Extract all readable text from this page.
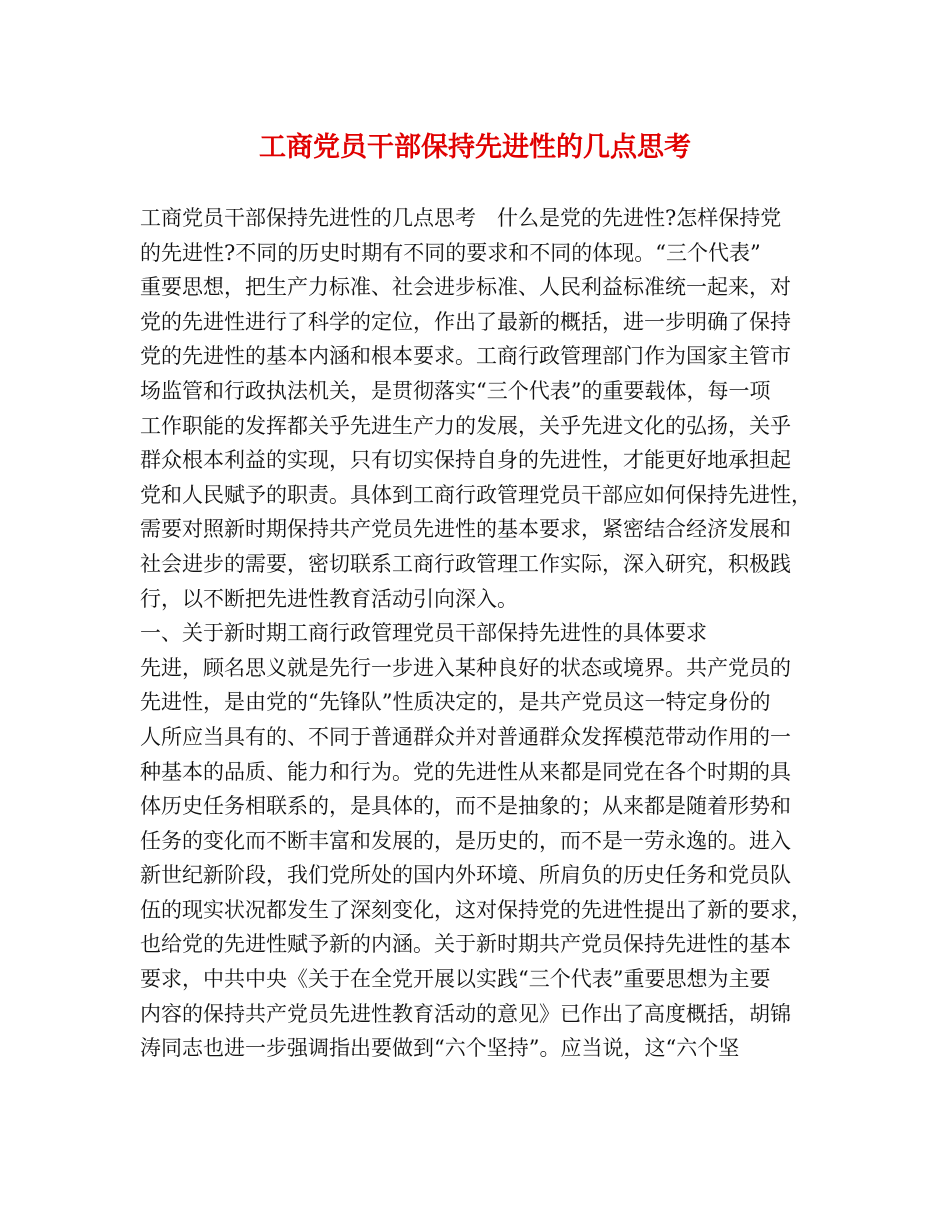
工商党员干部保持先进性的几点思考
工商党员干部保持先进性的几点思考　什么是党的先进性?怎样保持党
的先进性?不同的历史时期有不同的要求和不同的体现。“三个代表”
重要思想，把生产力标准、社会进步标准、人民利益标准统一起来，对
党的先进性进行了科学的定位，作出了最新的概括，进一步明确了保持
党的先进性的基本内涵和根本要求。工商行政管理部门作为国家主管市
场监管和行政执法机关，是贯彻落实“三个代表”的重要载体，每一项
工作职能的发挥都关乎先进生产力的发展，关乎先进文化的弘扬，关乎
群众根本利益的实现，只有切实保持自身的先进性，才能更好地承担起
党和人民赋予的职责。具体到工商行政管理党员干部应如何保持先进性，
需要对照新时期保持共产党员先进性的基本要求，紧密结合经济发展和
社会进步的需要，密切联系工商行政管理工作实际，深入研究，积极践
行，以不断把先进性教育活动引向深入。
一、关于新时期工商行政管理党员干部保持先进性的具体要求
先进，顾名思义就是先行一步进入某种良好的状态或境界。共产党员的
先进性，是由党的“先锋队”性质决定的，是共产党员这一特定身份的
人所应当具有的、不同于普通群众并对普通群众发挥模范带动作用的一
种基本的品质、能力和行为。党的先进性从来都是同党在各个时期的具
体历史任务相联系的，是具体的，而不是抽象的；从来都是随着形势和
任务的变化而不断丰富和发展的，是历史的，而不是一劳永逸的。进入
新世纪新阶段，我们党所处的国内外环境、所肩负的历史任务和党员队
伍的现实状况都发生了深刻变化，这对保持党的先进性提出了新的要求，
也给党的先进性赋予新的内涵。关于新时期共产党员保持先进性的基本
要求，中共中央《关于在全党开展以实践“三个代表”重要思想为主要
内容的保持共产党员先进性教育活动的意见》已作出了高度概括，胡锦
涛同志也进一步强调指出要做到“六个坚持”。应当说，这“六个坚
